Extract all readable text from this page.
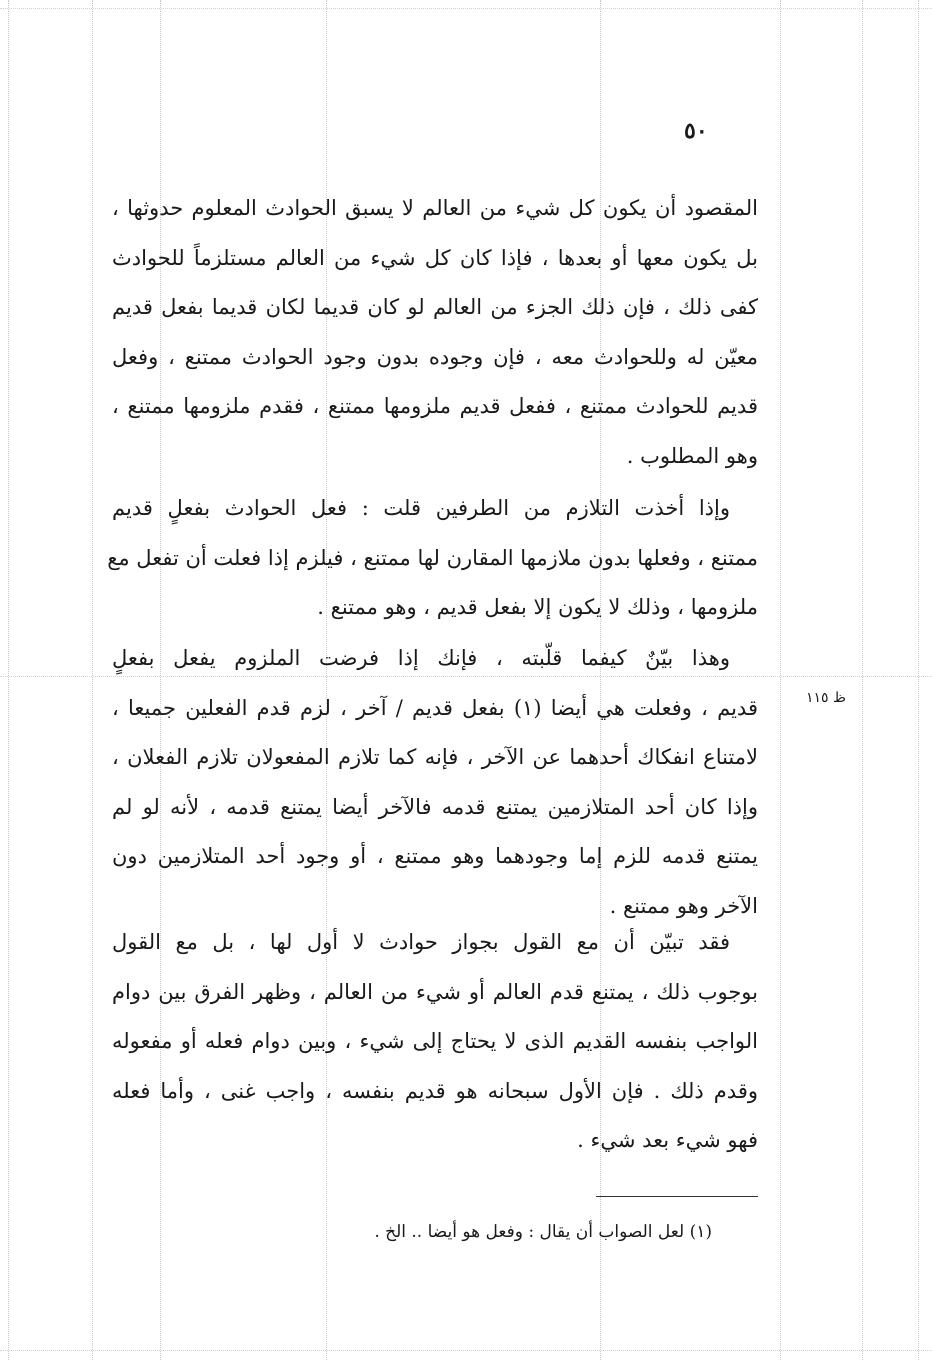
٥٠
ظ ١١٥
المقصود أن يكون كل شيء من العالم لا يسبق الحوادث المعلوم حدوثها ،
بل يكون معها أو بعدها ، فإذا كان كل شيء من العالم مستلزماً للحوادث
كفى ذلك ، فإن ذلك الجزء من العالم لو كان قديما لكان قديما بفعل قديم
معيّن له وللحوادث معه ، فإن وجوده بدون وجود الحوادث ممتنع ، وفعل
قديم للحوادث ممتنع ، ففعل قديم ملزومها ممتنع ، فقدم ملزومها ممتنع ،
وهو المطلوب .
وإذا أخذت التلازم من الطرفين قلت : فعل الحوادث بفعلٍ قديم
ممتنع ، وفعلها بدون ملازمها المقارن لها ممتنع ، فيلزم إذا فعلت أن تفعل مع
ملزومها ، وذلك لا يكون إلا بفعل قديم ، وهو ممتنع .
وهذا بيّنٌ كيفما قلّبته ، فإنك إذا فرضت الملزوم يفعل بفعلٍ
قديم ، وفعلت هي أيضا (١) بفعل قديم / آخر ، لزم قدم الفعلين جميعا ،
لامتناع انفكاك أحدهما عن الآخر ، فإنه كما تلازم المفعولان تلازم الفعلان ،
وإذا كان أحد المتلازمين يمتنع قدمه فالآخر أيضا يمتنع قدمه ، لأنه لو لم
يمتنع قدمه للزم إما وجودهما وهو ممتنع ، أو وجود أحد المتلازمين دون
الآخر وهو ممتنع .
فقد تبيّن أن مع القول بجواز حوادث لا أول لها ، بل مع القول
بوجوب ذلك ، يمتنع قدم العالم أو شيء من العالم ، وظهر الفرق بين دوام
الواجب بنفسه القديم الذى لا يحتاج إلى شيء ، وبين دوام فعله أو مفعوله
وقدم ذلك . فإن الأول سبحانه هو قديم بنفسه ، واجب غنى ، وأما فعله
فهو شيء بعد شيء .
(١) لعل الصواب أن يقال : وفعل هو أيضا .. الخ .
